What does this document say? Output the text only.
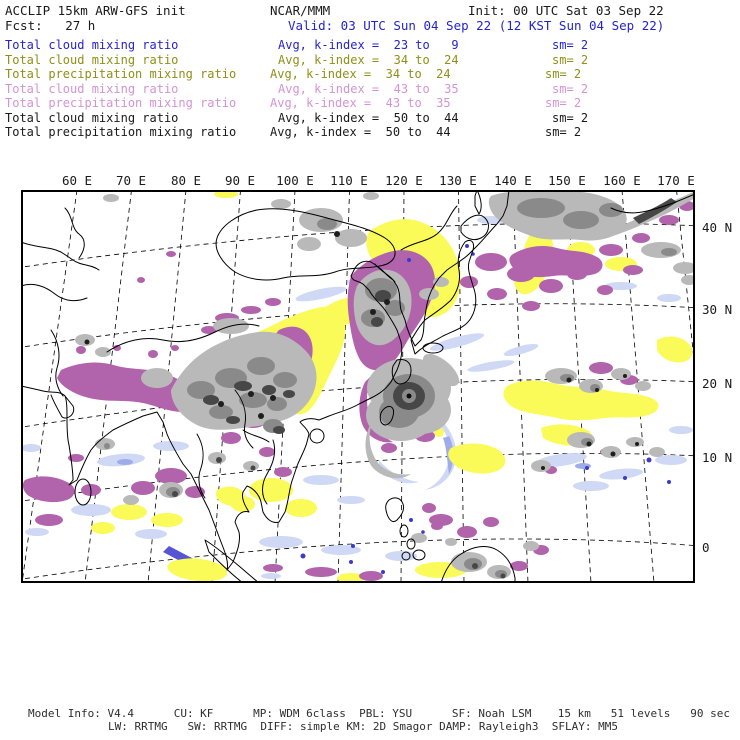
ACCLIP 15km ARW-GFS init	NCAR/MMM	Init: 00 UTC Sat 03 Sep 22
Fcst:   27 h	Valid: 03 UTC Sun 04 Sep 22 (12 KST Sun 04 Sep 22)
Total cloud mixing ratio	Avg, k-index =  23 to   9	sm= 2
Total cloud mixing ratio	Avg, k-index =  34 to  24	sm= 2
Total precipitation mixing ratio	Avg, k-index =  34 to  24	sm= 2
Total cloud mixing ratio	Avg, k-index =  43 to  35	sm= 2
Total precipitation mixing ratio	Avg, k-index =  43 to  35	sm= 2
Total cloud mixing ratio	Avg, k-index =  50 to  44	sm= 2
Total precipitation mixing ratio	Avg, k-index =  50 to  44	sm= 2
60 E 70 E 80 E 90 E 100 E 110 E 120 E 130 E 140 E 150 E 160 E 170 E
40 N
30 N
20 N
10 N
0
Model Info: V4.4      CU: KF      MP: WDM 6class  PBL: YSU      SF: Noah LSM    15 km   51 levels   90 sec
LW: RRTMG   SW: RRTMG  DIFF: simple KM: 2D Smagor DAMP: Rayleigh3  SFLAY: MM5
